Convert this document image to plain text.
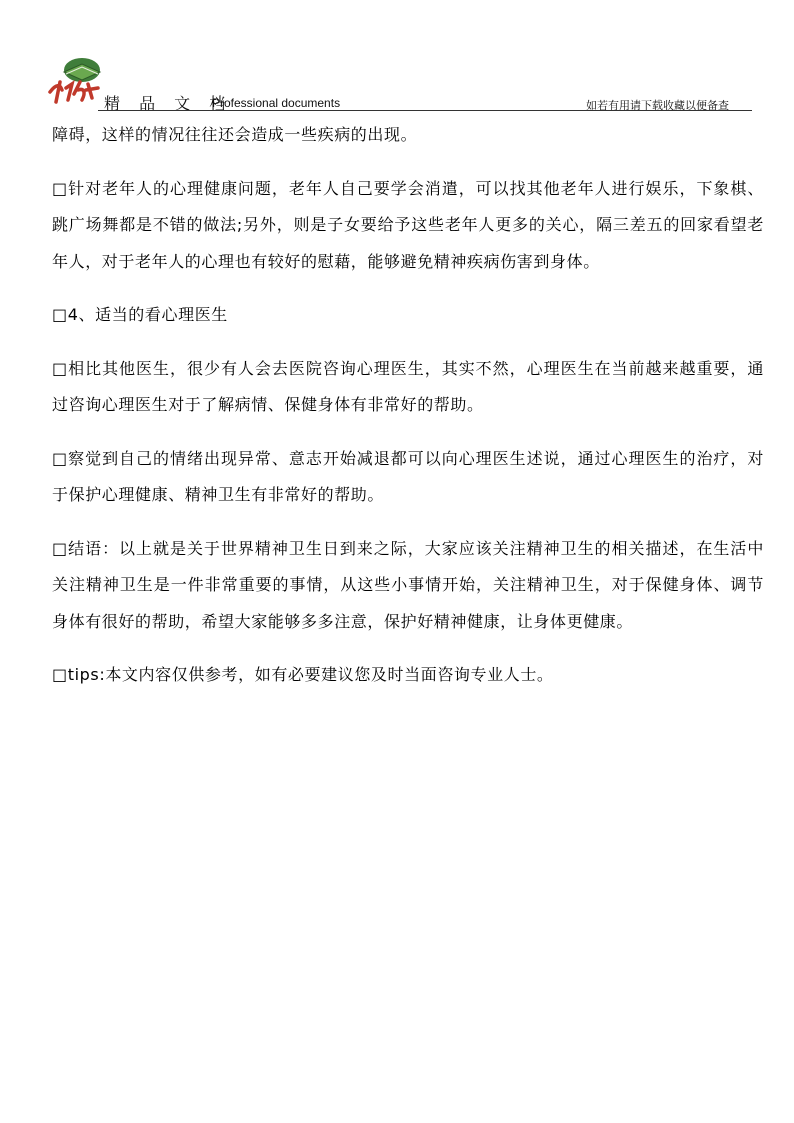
精 品 文 档
Professional documents	如若有用请下载收藏以便备查

障碍，这样的情况往往还会造成一些疾病的出现。

□针对老年人的心理健康问题，老年人自己要学会消遣，可以找其他老年人进行娱乐，下象棋、跳广场舞都是不错的做法;另外，则是子女要给予这些老年人更多的关心，隔三差五的回家看望老年人，对于老年人的心理也有较好的慰藉，能够避免精神疾病伤害到身体。

□4、适当的看心理医生

□相比其他医生，很少有人会去医院咨询心理医生，其实不然，心理医生在当前越来越重要，通过咨询心理医生对于了解病情、保健身体有非常好的帮助。

□察觉到自己的情绪出现异常、意志开始减退都可以向心理医生述说，通过心理医生的治疗，对于保护心理健康、精神卫生有非常好的帮助。

□结语：以上就是关于世界精神卫生日到来之际，大家应该关注精神卫生的相关描述，在生活中关注精神卫生是一件非常重要的事情，从这些小事情开始，关注精神卫生，对于保健身体、调节身体有很好的帮助，希望大家能够多多注意，保护好精神健康，让身体更健康。

□tips:本文内容仅供参考，如有必要建议您及时当面咨询专业人士。
